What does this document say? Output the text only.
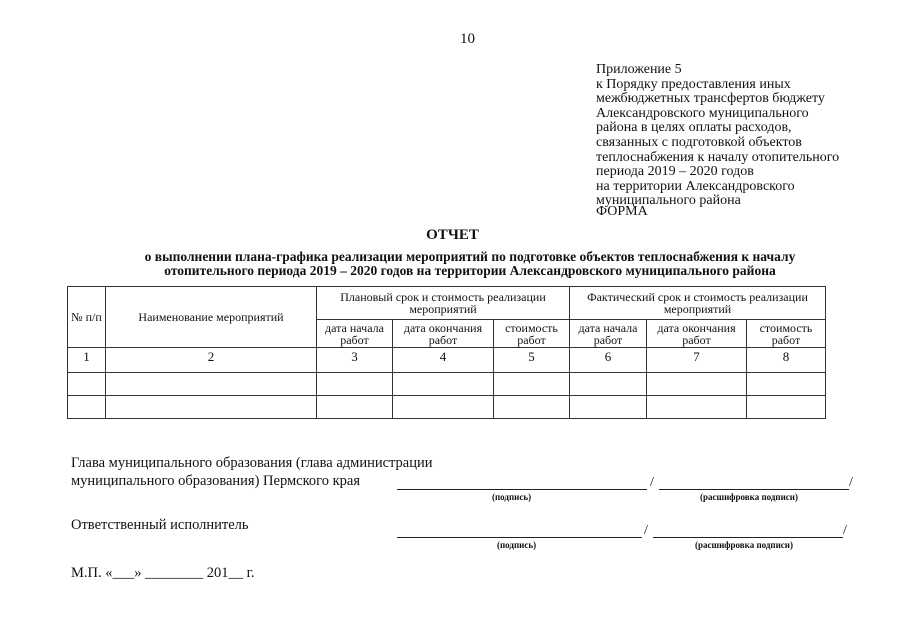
10
Приложение 5
к Порядку предоставления иных
межбюджетных трансфертов бюджету
Александровского муниципального
района в целях оплаты расходов,
связанных с подготовкой объектов
теплоснабжения к началу отопительного
периода 2019 – 2020 годов
на территории Александровского
муниципального района
ФОРМА
ОТЧЕТ
о выполнении плана-графика реализации мероприятий по подготовке объектов теплоснабжения к началу
отопительного периода 2019 – 2020 годов на территории Александровского муниципального района
№ п/п	Наименование мероприятий	Плановый срок и стоимость реализации мероприятий			Фактический срок и стоимость реализации мероприятий		
		дата начала работ	дата окончания работ	стоимость работ	дата начала работ	дата окончания работ	стоимость работ
1	2	3	4	5	6	7	8

Глава муниципального образования (глава администрации
муниципального образования) Пермского края	/	/
(подпись)	(расшифровка подписи)
Ответственный исполнитель	/	/
(подпись)	(расшифровка подписи)
М.П. «___» ________ 201__ г.
